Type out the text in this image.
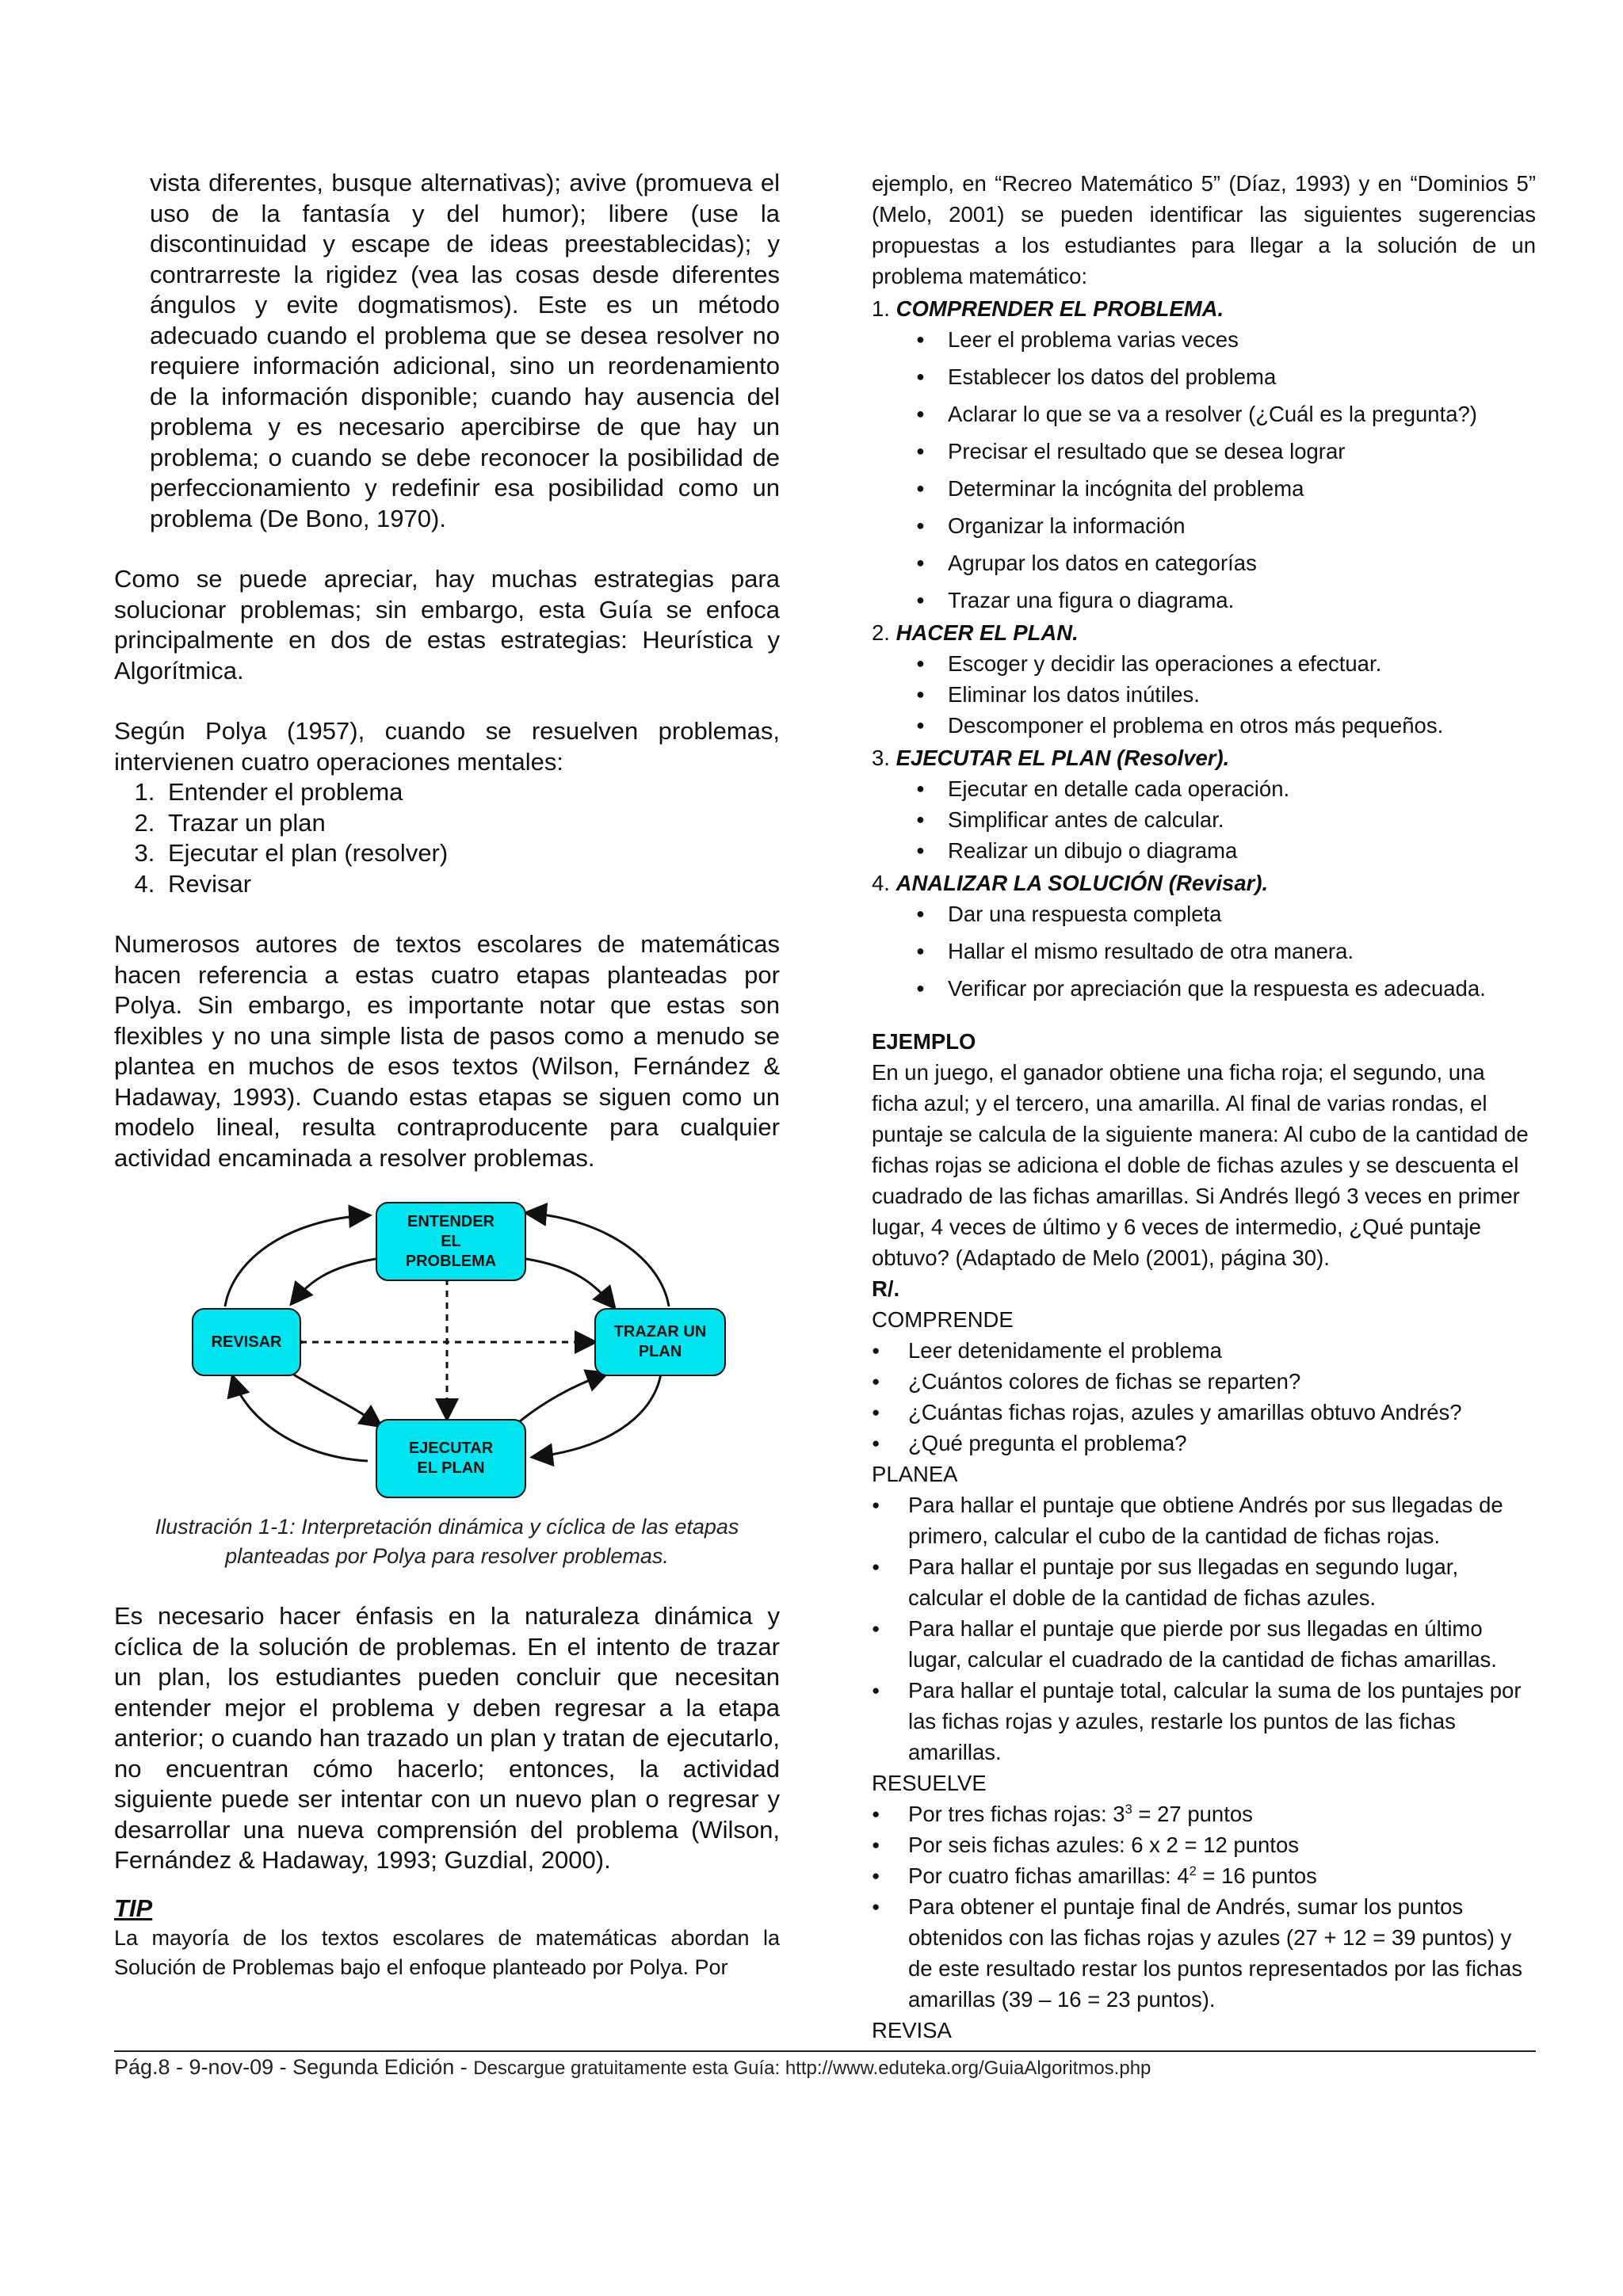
vista diferentes, busque alternativas); avive (promueva el uso de la fantasía y del humor); libere (use la discontinuidad y escape de ideas preestablecidas); y contrarreste la rigidez (vea las cosas desde diferentes ángulos y evite dogmatismos). Este es un método adecuado cuando el problema que se desea resolver no requiere información adicional, sino un reordenamiento de la información disponible; cuando hay ausencia del problema y es necesario apercibirse de que hay un problema; o cuando se debe reconocer la posibilidad de perfeccionamiento y redefinir esa posibilidad como un problema (De Bono, 1970).

Como se puede apreciar, hay muchas estrategias para solucionar problemas; sin embargo, esta Guía se enfoca principalmente en dos de estas estrategias: Heurística y Algorítmica.

Según Polya (1957), cuando se resuelven problemas, intervienen cuatro operaciones mentales:

1. Entender el problema
2. Trazar un plan
3. Ejecutar el plan (resolver)
4. Revisar

Numerosos autores de textos escolares de matemáticas hacen referencia a estas cuatro etapas planteadas por Polya. Sin embargo, es importante notar que estas son flexibles y no una simple lista de pasos como a menudo se plantea en muchos de esos textos (Wilson, Fernández & Hadaway, 1993). Cuando estas etapas se siguen como un modelo lineal, resulta contraproducente para cualquier actividad encaminada a resolver problemas.

ENTENDER
EL
PROBLEMA
REVISAR
TRAZAR UN
PLAN
EJECUTAR
EL PLAN

Ilustración 1-1: Interpretación dinámica y cíclica de las etapas planteadas por Polya para resolver problemas.

Es necesario hacer énfasis en la naturaleza dinámica y cíclica de la solución de problemas. En el intento de trazar un plan, los estudiantes pueden concluir que necesitan entender mejor el problema y deben regresar a la etapa anterior; o cuando han trazado un plan y tratan de ejecutarlo, no encuentran cómo hacerlo; entonces, la actividad siguiente puede ser intentar con un nuevo plan o regresar y desarrollar una nueva comprensión del problema (Wilson, Fernández & Hadaway, 1993; Guzdial, 2000).

TIP

La mayoría de los textos escolares de matemáticas abordan la Solución de Problemas bajo el enfoque planteado por Polya. Por

ejemplo, en “Recreo Matemático 5” (Díaz, 1993) y en “Dominios 5” (Melo, 2001) se pueden identificar las siguientes sugerencias propuestas a los estudiantes para llegar a la solución de un problema matemático:

1. COMPRENDER EL PROBLEMA.
● Leer el problema varias veces
● Establecer los datos del problema
● Aclarar lo que se va a resolver (¿Cuál es la pregunta?)
● Precisar el resultado que se desea lograr
● Determinar la incógnita del problema
● Organizar la información
● Agrupar los datos en categorías
● Trazar una figura o diagrama.
2. HACER EL PLAN.
● Escoger y decidir las operaciones a efectuar.
● Eliminar los datos inútiles.
● Descomponer el problema en otros más pequeños.
3. EJECUTAR EL PLAN (Resolver).
● Ejecutar en detalle cada operación.
● Simplificar antes de calcular.
● Realizar un dibujo o diagrama
4. ANALIZAR LA SOLUCIÓN (Revisar).
● Dar una respuesta completa
● Hallar el mismo resultado de otra manera.
● Verificar por apreciación que la respuesta es adecuada.
EJEMPLO

En un juego, el ganador obtiene una ficha roja; el segundo, una ficha azul; y el tercero, una amarilla. Al final de varias rondas, el puntaje se calcula de la siguiente manera: Al cubo de la cantidad de fichas rojas se adiciona el doble de fichas azules y se descuenta el cuadrado de las fichas amarillas. Si Andrés llegó 3 veces en primer lugar, 4 veces de último y 6 veces de intermedio, ¿Qué puntaje obtuvo? (Adaptado de Melo (2001), página 30).

R/.
COMPRENDE
● Leer detenidamente el problema
● ¿Cuántos colores de fichas se reparten?
● ¿Cuántas fichas rojas, azules y amarillas obtuvo Andrés?
● ¿Qué pregunta el problema?
PLANEA
● Para hallar el puntaje que obtiene Andrés por sus llegadas de primero, calcular el cubo de la cantidad de fichas rojas.
● Para hallar el puntaje por sus llegadas en segundo lugar, calcular el doble de la cantidad de fichas azules.
● Para hallar el puntaje que pierde por sus llegadas en último lugar, calcular el cuadrado de la cantidad de fichas amarillas.
● Para hallar el puntaje total, calcular la suma de los puntajes por las fichas rojas y azules, restarle los puntos de las fichas amarillas.
RESUELVE
● Por tres fichas rojas: $3^3 = 27$ puntos
● Por seis fichas azules: 6 x 2 = 12 puntos
● Por cuatro fichas amarillas: $4^2 = 16$ puntos
● Para obtener el puntaje final de Andrés, sumar los puntos obtenidos con las fichas rojas y azules (27 + 12 = 39 puntos) y de este resultado restar los puntos representados por las fichas amarillas (39 – 16 = 23 puntos).
REVISA
Pág.8 - 9-nov-09 - Segunda Edición - Descargue gratuitamente esta Guía: http://www.eduteka.org/GuiaAlgoritmos.php
